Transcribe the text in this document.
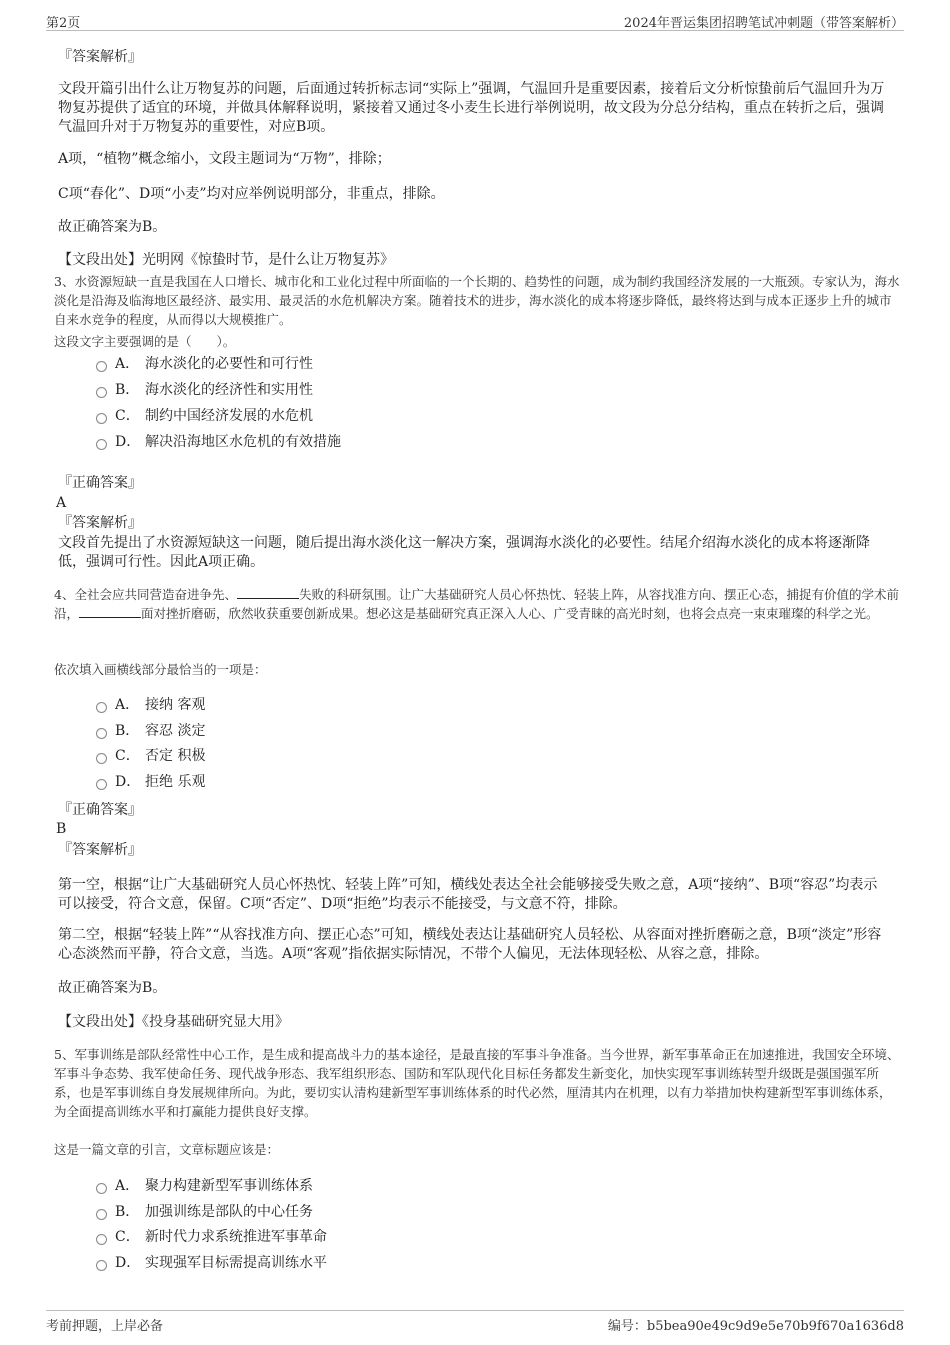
第2页	2024年晋运集团招聘笔试冲刺题（带答案解析）
『答案解析』
文段开篇引出什么让万物复苏的问题，后面通过转折标志词“实际上”强调，气温回升是重要因素，接着后文分析惊蛰前后气温回升为万物复苏提供了适宜的环境，并做具体解释说明，紧接着又通过冬小麦生长进行举例说明，故文段为分总分结构，重点在转折之后，强调气温回升对于万物复苏的重要性，对应B项。
A项，“植物”概念缩小，文段主题词为“万物”，排除；
C项“春化”、D项“小麦”均对应举例说明部分，非重点，排除。
故正确答案为B。
【文段出处】光明网《惊蛰时节，是什么让万物复苏》
3、水资源短缺一直是我国在人口增长、城市化和工业化过程中所面临的一个长期的、趋势性的问题，成为制约我国经济发展的一大瓶颈。专家认为，海水淡化是沿海及临海地区最经济、最实用、最灵活的水危机解决方案。随着技术的进步，海水淡化的成本将逐步降低，最终将达到与成本正逐步上升的城市自来水竞争的程度，从而得以大规模推广。
这段文字主要强调的是（　　）。
A． 海水淡化的必要性和可行性
B． 海水淡化的经济性和实用性
C． 制约中国经济发展的水危机
D． 解决沿海地区水危机的有效措施
『正确答案』
A
『答案解析』
文段首先提出了水资源短缺这一问题，随后提出海水淡化这一解决方案，强调海水淡化的必要性。结尾介绍海水淡化的成本将逐渐降低，强调可行性。因此A项正确。
4、全社会应共同营造奋进争先、	失败的科研氛围。让广大基础研究人员心怀热忱、轻装上阵，从容找准方向、摆正心态，捕捉有价值的学术前沿，	面对挫折磨砺，欣然收获重要创新成果。想必这是基础研究真正深入人心、广受青睐的高光时刻，也将会点亮一束束璀璨的科学之光。
依次填入画横线部分最恰当的一项是：
A． 接纳 客观
B． 容忍 淡定
C． 否定 积极
D． 拒绝 乐观
『正确答案』
B
『答案解析』
第一空，根据“让广大基础研究人员心怀热忱、轻装上阵”可知，横线处表达全社会能够接受失败之意，A项“接纳”、B项“容忍”均表示可以接受，符合文意，保留。C项“否定”、D项“拒绝”均表示不能接受，与文意不符，排除。
第二空，根据“轻装上阵”“从容找准方向、摆正心态”可知，横线处表达让基础研究人员轻松、从容面对挫折磨砺之意，B项“淡定”形容心态淡然而平静，符合文意，当选。A项“客观”指依据实际情况，不带个人偏见，无法体现轻松、从容之意，排除。
故正确答案为B。
【文段出处】《投身基础研究显大用》
5、军事训练是部队经常性中心工作，是生成和提高战斗力的基本途径，是最直接的军事斗争准备。当今世界，新军事革命正在加速推进，我国安全环境、军事斗争态势、我军使命任务、现代战争形态、我军组织形态、国防和军队现代化目标任务都发生新变化，加快实现军事训练转型升级既是强国强军所系，也是军事训练自身发展规律所向。为此，要切实认清构建新型军事训练体系的时代必然，厘清其内在机理，以有力举措加快构建新型军事训练体系，为全面提高训练水平和打赢能力提供良好支撑。
这是一篇文章的引言，文章标题应该是：
A． 聚力构建新型军事训练体系
B． 加强训练是部队的中心任务
C． 新时代力求系统推进军事革命
D． 实现强军目标需提高训练水平
考前押题，上岸必备	编号：b5bea90e49c9d9e5e70b9f670a1636d8
